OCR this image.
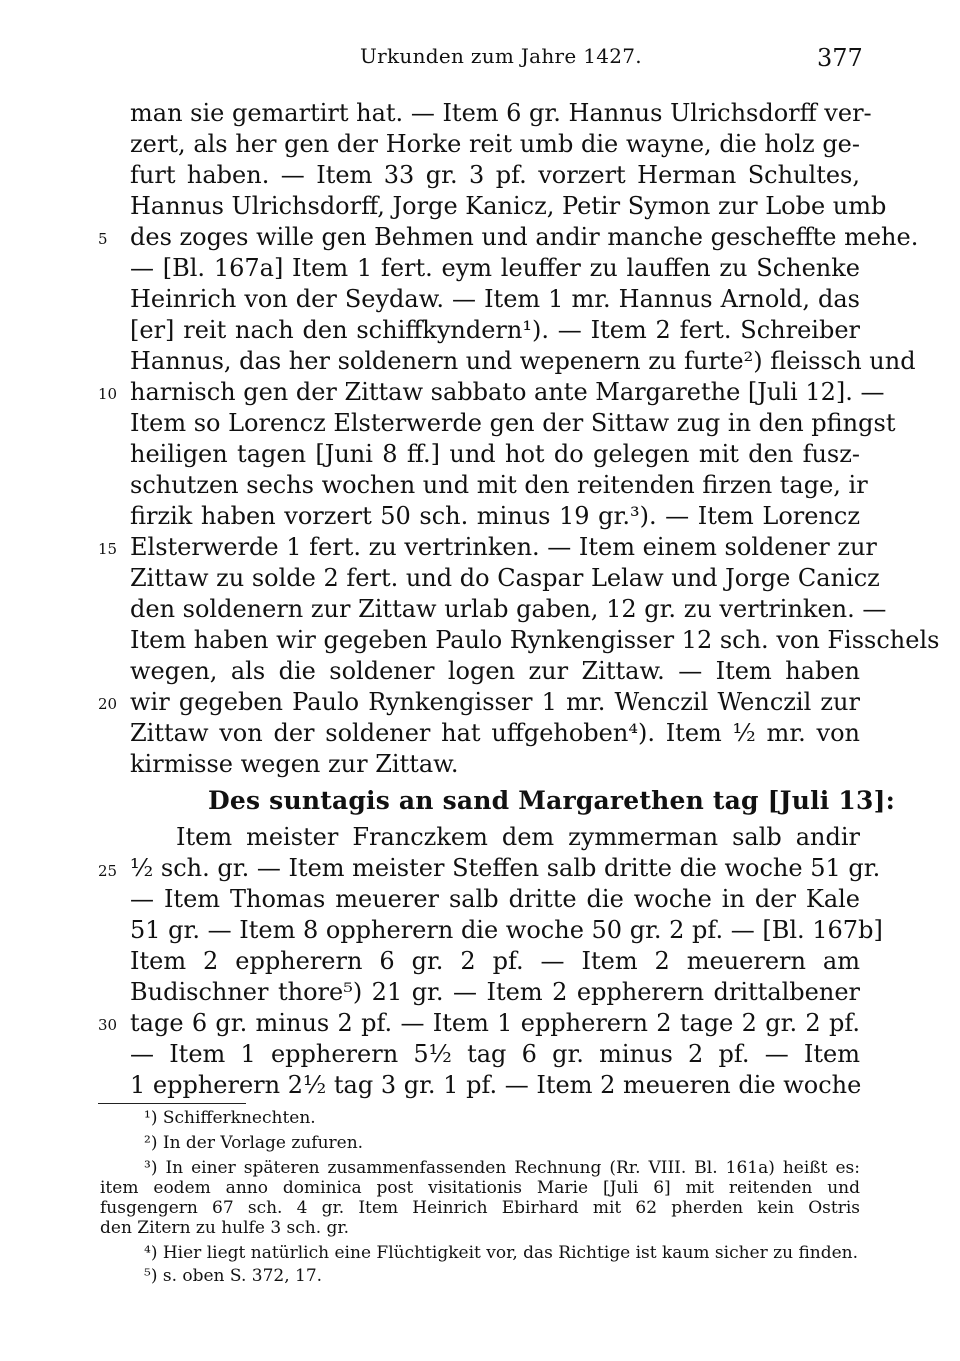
Urkunden zum Jahre 1427.	377
man sie gemartirt hat. — Item 6 gr. Hannus Ulrichsdorff ver-
zert, als her gen der Horke reit umb die wayne, die holz ge-
furt haben. — Item 33 gr. 3 pf. vorzert Herman Schultes,
Hannus Ulrichsdorff, Jorge Kanicz, Petir Symon zur Lobe umb
des zoges wille gen Behmen und andir manche gescheffte mehe.
— [Bl. 167a] Item 1 fert. eym leuffer zu lauffen zu Schenke
Heinrich von der Seydaw. — Item 1 mr. Hannus Arnold, das
[er] reit nach den schiffkyndern¹). — Item 2 fert. Schreiber
Hannus, das her soldenern und wepenern zu furte²) fleissch und
harnisch gen der Zittaw sabbato ante Margarethe [Juli 12]. —
Item so Lorencz Elsterwerde gen der Sittaw zug in den pfingst
heiligen tagen [Juni 8 ff.] und hot do gelegen mit den fusz-
schutzen sechs wochen und mit den reitenden firzen tage, ir
firzik haben vorzert 50 sch. minus 19 gr.³). — Item Lorencz
Elsterwerde 1 fert. zu vertrinken. — Item einem soldener zur
Zittaw zu solde 2 fert. und do Caspar Lelaw und Jorge Canicz
den soldenern zur Zittaw urlab gaben, 12 gr. zu vertrinken. —
Item haben wir gegeben Paulo Rynkengisser 12 sch. von Fisschels
wegen, als die soldener logen zur Zittaw. — Item haben
wir gegeben Paulo Rynkengisser 1 mr. Wenczil Wenczil zur
Zittaw von der soldener hat uffgehoben⁴). Item ½ mr. von
kirmisse wegen zur Zittaw.
5
10
15
20
Des suntagis an sand Margarethen tag [Juli 13]:
Item meister Franczkem dem zymmerman salb andir
½ sch. gr. — Item meister Steffen salb dritte die woche 51 gr.
— Item Thomas meuerer salb dritte die woche in der Kale
51 gr. — Item 8 oppherern die woche 50 gr. 2 pf. — [Bl. 167b]
Item 2 eppherern 6 gr. 2 pf. — Item 2 meuerern am
Budischner thore⁵) 21 gr. — Item 2 eppherern drittalbener
tage 6 gr. minus 2 pf. — Item 1 eppherern 2 tage 2 gr. 2 pf.
— Item 1 eppherern 5½ tag 6 gr. minus 2 pf. — Item
1 eppherern 2½ tag 3 gr. 1 pf. — Item 2 meueren die woche
25
30
¹) Schifferknechten.
²) In der Vorlage zufuren.
³) In einer späteren zusammenfassenden Rechnung (Rr. VIII. Bl. 161a) heißt es:
item eodem anno dominica post visitationis Marie [Juli 6] mit reitenden und
fusgengern 67 sch. 4 gr. Item Heinrich Ebirhard mit 62 pherden kein Ostris
den Zitern zu hulfe 3 sch. gr.
⁴) Hier liegt natürlich eine Flüchtigkeit vor, das Richtige ist kaum sicher zu finden.
⁵) s. oben S. 372, 17.
